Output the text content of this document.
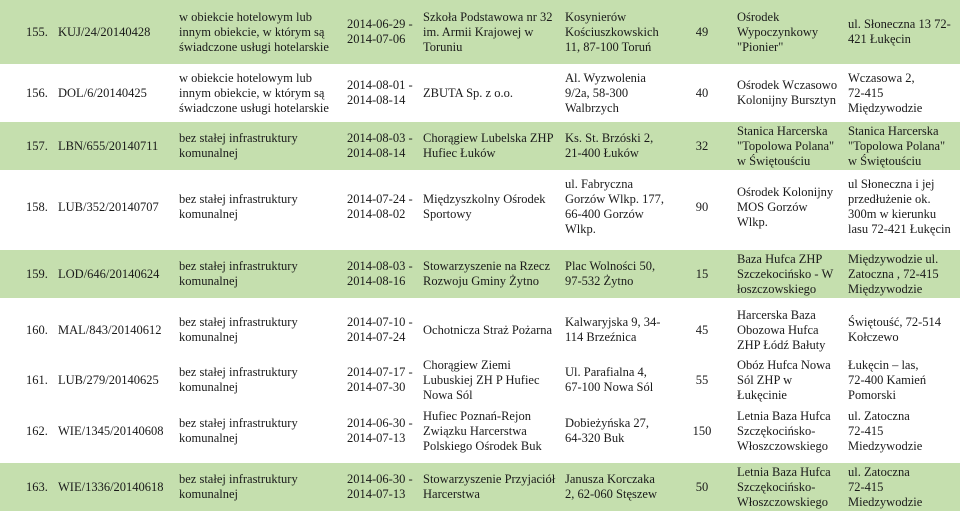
155. KUJ/24/20140428
w obiekcie hotelowym lub
innym obiekcie, w którym są
świadczone usługi hotelarskie
2014-06-29 -
2014-07-06
Szkoła Podstawowa nr 32
im. Armii Krajowej w
Toruniu
Kosynierów
Kościuszkowskich
11, 87-100 Toruń
49
Ośrodek
Wypoczynkowy
"Pionier"
ul. Słoneczna 13 72-
421 Łukęcin
156. DOL/6/20140425
w obiekcie hotelowym lub
innym obiekcie, w którym są
świadczone usługi hotelarskie
2014-08-01 -
2014-08-14
ZBUTA Sp. z o.o.
Al. Wyzwolenia
9/2a, 58-300
Walbrzych
40
Ośrodek Wczasowo
Kolonijny Bursztyn
Wczasowa 2,
72-415
Międzywodzie
157. LBN/655/20140711
bez stałej infrastruktury
komunalnej
2014-08-03 -
2014-08-14
Chorągiew Lubelska ZHP
Hufiec Łuków
Ks. St. Brzóski 2,
21-400 Łuków
32
Stanica Harcerska
"Topolowa Polana"
w Świętouściu
Stanica Harcerska
"Topolowa Polana"
w Świętouściu
158. LUB/352/20140707
bez stałej infrastruktury
komunalnej
2014-07-24 -
2014-08-02
Międzyszkolny Ośrodek
Sportowy
ul. Fabryczna
Gorzów Wlkp. 177,
66-400 Gorzów
Wlkp.
90
Ośrodek Kolonijny
MOS Gorzów
Wlkp.
ul Słoneczna i jej
przedłużenie ok.
300m w kierunku
lasu 72-421 Łukęcin
159. LOD/646/20140624
bez stałej infrastruktury
komunalnej
2014-08-03 -
2014-08-16
Stowarzyszenie na Rzecz
Rozwoju Gminy Żytno
Plac Wolności 50,
97-532 Żytno
15
Baza Hufca ZHP
Szczekocińsko - W
łoszczowskiego
Międzywodzie ul.
Zatoczna , 72-415
Międzywodzie
160. MAL/843/20140612
bez stałej infrastruktury
komunalnej
2014-07-10 -
2014-07-24
Ochotnicza Straż Pożarna
Kalwaryjska 9, 34-
114 Brzeźnica
45
Harcerska Baza
Obozowa Hufca
ZHP Łódź Bałuty
Świętouść, 72-514
Kołczewo
161. LUB/279/20140625
bez stałej infrastruktury
komunalnej
2014-07-17 -
2014-07-30
Chorągiew Ziemi
Lubuskiej ZH P Hufiec
Nowa Sól
Ul. Parafialna 4,
67-100 Nowa Sól
55
Obóz Hufca Nowa
Sól ZHP w
Łukęcinie
Łukęcin – las,
72-400 Kamień
Pomorski
162. WIE/1345/20140608
bez stałej infrastruktury
komunalnej
2014-06-30 -
2014-07-13
Hufiec Poznań-Rejon
Związku Harcerstwa
Polskiego Ośrodek Buk
Dobieżyńska 27,
64-320 Buk
150
Letnia Baza Hufca
Szczękocińsko-
Włoszczowskiego
ul. Zatoczna
72-415
Miedzywodzie
163. WIE/1336/20140618
bez stałej infrastruktury
komunalnej
2014-06-30 -
2014-07-13
Stowarzyszenie Przyjaciół
Harcerstwa
Janusza Korczaka
2, 62-060 Stęszew
50
Letnia Baza Hufca
Szczękocińsko-
Włoszczowskiego
ul. Zatoczna
72-415
Miedzywodzie
